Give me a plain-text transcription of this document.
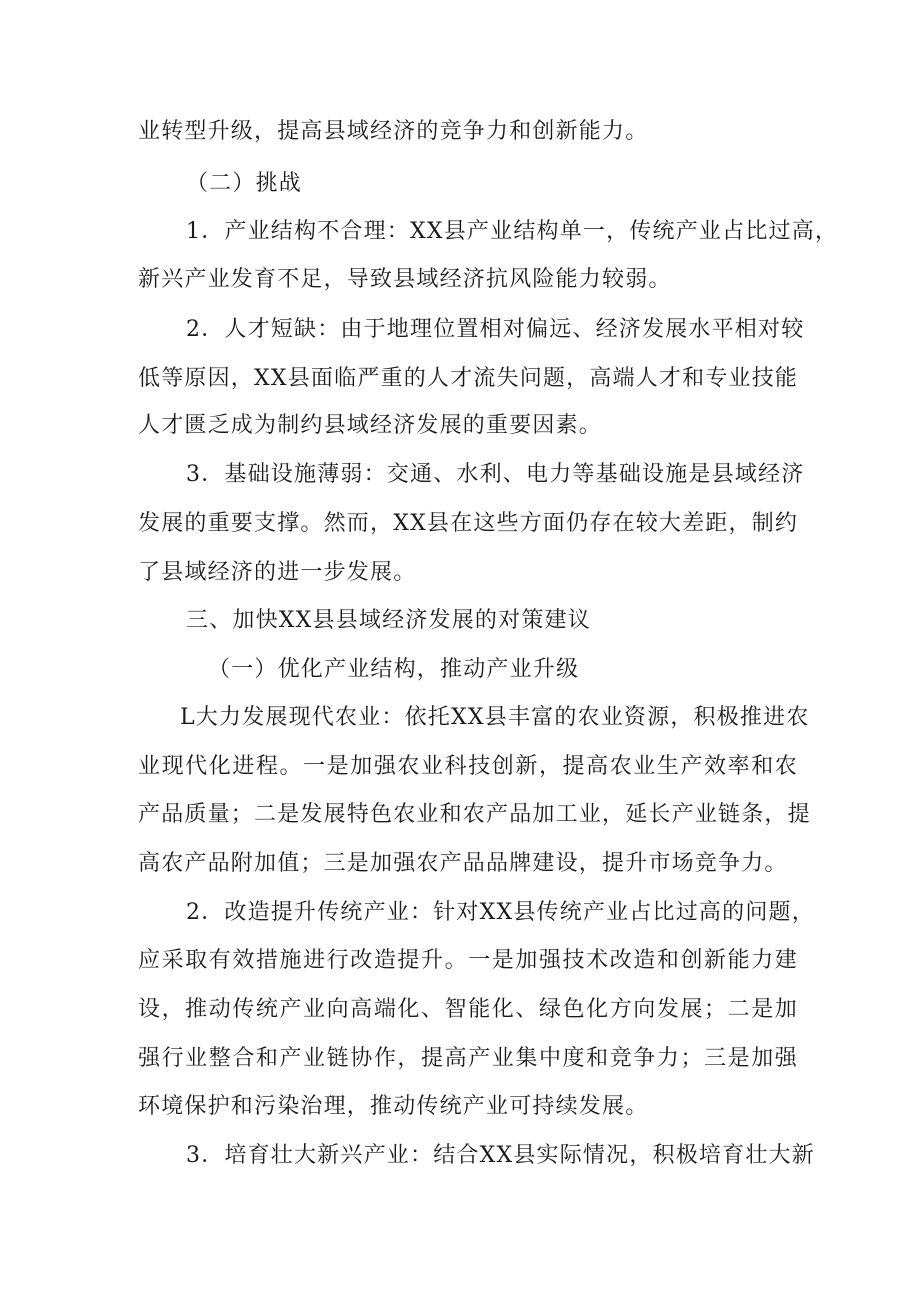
业转型升级，提高县域经济的竞争力和创新能力。
（二）挑战
1．产业结构不合理：XX县产业结构单一，传统产业占比过高，
新兴产业发育不足，导致县域经济抗风险能力较弱。
2．人才短缺：由于地理位置相对偏远、经济发展水平相对较
低等原因，XX县面临严重的人才流失问题，高端人才和专业技能
人才匮乏成为制约县域经济发展的重要因素。
3．基础设施薄弱：交通、水利、电力等基础设施是县域经济
发展的重要支撑。然而，XX县在这些方面仍存在较大差距，制约
了县域经济的进一步发展。
三、加快XX县县域经济发展的对策建议
（一）优化产业结构，推动产业升级
L大力发展现代农业：依托XX县丰富的农业资源，积极推进农
业现代化进程。一是加强农业科技创新，提高农业生产效率和农
产品质量；二是发展特色农业和农产品加工业，延长产业链条，提
高农产品附加值；三是加强农产品品牌建设，提升市场竞争力。
2．改造提升传统产业：针对XX县传统产业占比过高的问题，
应采取有效措施进行改造提升。一是加强技术改造和创新能力建
设，推动传统产业向高端化、智能化、绿色化方向发展；二是加
强行业整合和产业链协作，提高产业集中度和竞争力；三是加强
环境保护和污染治理，推动传统产业可持续发展。
3．培育壮大新兴产业：结合XX县实际情况，积极培育壮大新
